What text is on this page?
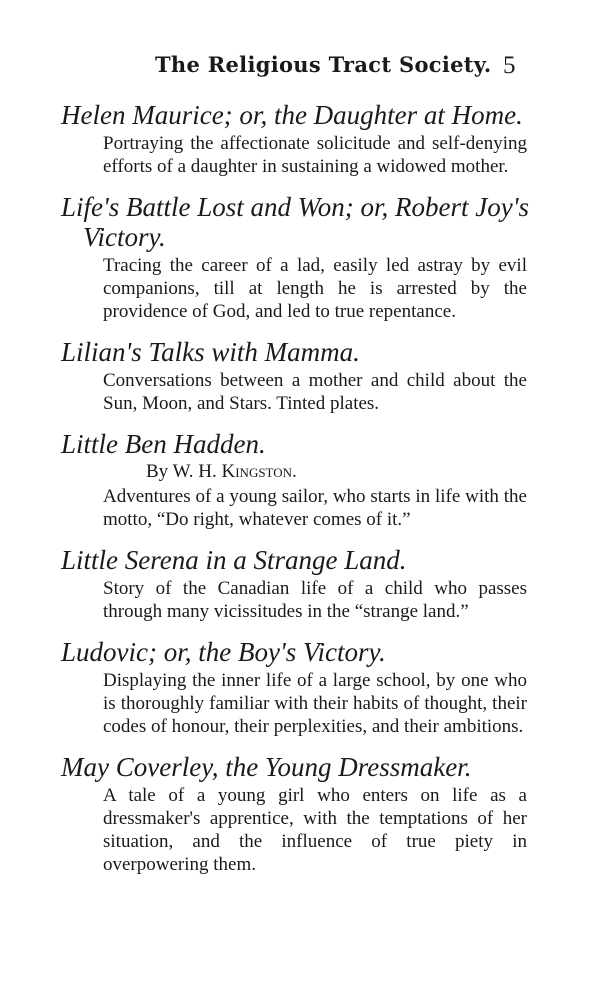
The Religious Tract Society. 5

Helen Maurice; or, the Daughter at Home.

Portraying the affectionate solicitude and self-denying efforts of a daughter in sustaining a widowed mother.

Life's Battle Lost and Won; or, Robert Joy's Victory.

Tracing the career of a lad, easily led astray by evil companions, till at length he is arrested by the providence of God, and led to true repentance.

Lilian's Talks with Mamma.

Conversations between a mother and child about the Sun, Moon, and Stars. Tinted plates.

Little Ben Hadden.

By W. H. Kingston.

Adventures of a young sailor, who starts in life with the motto, “Do right, whatever comes of it.”

Little Serena in a Strange Land.

Story of the Canadian life of a child who passes through many vicissitudes in the “strange land.”

Ludovic; or, the Boy's Victory.

Displaying the inner life of a large school, by one who is thoroughly familiar with their habits of thought, their codes of honour, their perplexities, and their ambitions.

May Coverley, the Young Dressmaker.

A tale of a young girl who enters on life as a dressmaker's apprentice, with the temptations of her situation, and the influence of true piety in overpowering them.
